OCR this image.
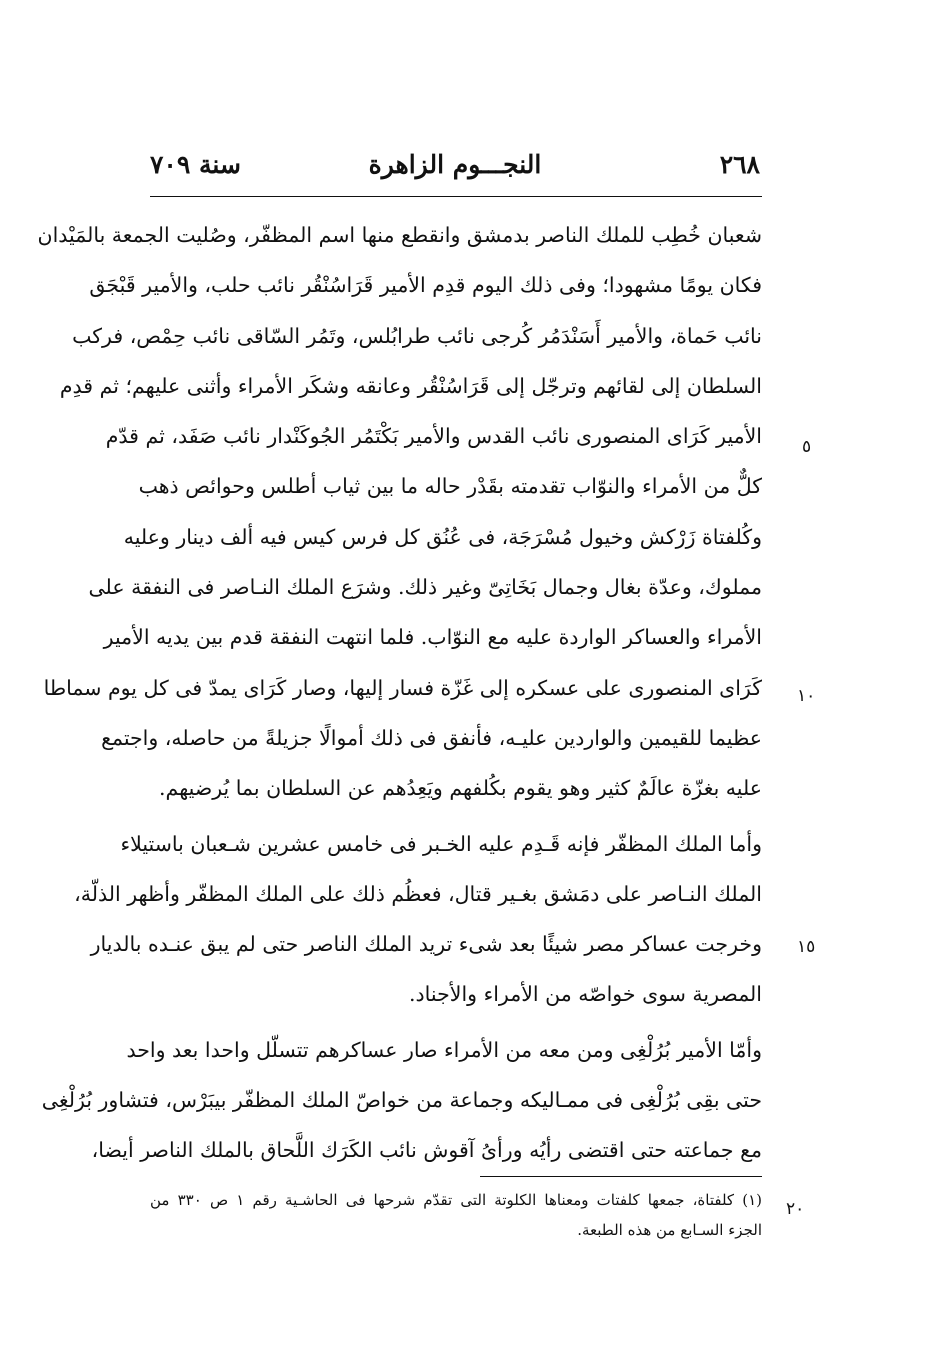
٢٦٨
النجـــوم الزاهرة
سنة ٧٠٩
شعبان خُطِب للملك الناصر بدمشق وانقطع منها اسم المظفّر، وصُليت الجمعة بالمَيْدان
فكان يومًا مشهودا؛ وفى ذلك اليوم قدِم الأمير قَرَاسُنْقُر نائب حلب، والأمير قَبْجَق
نائب حَماة، والأمير أَسَنْدَمُر كُرجى نائب طرابُلس، وتَمُر السّاقى نائب حِمْص، فركب
السلطان إلى لقائهم وترجّل إلى قَرَاسُنْقُر وعانقه وشكَر الأمراء وأثنى عليهم؛ ثم قدِم
الأمير كَرَاى المنصورى نائب القدس والأمير بَكْتَمُر الجُوكَنْدار نائب صَفَد، ثم قدّم
كلٌّ من الأمراء والنوّاب تقدمته بقَدْر حاله ما بين ثياب أطلس وحوائص ذهب
وكُلفتاة زَرْكش وخيول مُسْرَجَة، فى عُنُق كل فرس كيس فيه ألف دينار وعليه
مملوك، وعدّة بغال وجمال بَخَاتِىّ وغير ذلك. وشرَع الملك النـاصر فى النفقة على
الأمراء والعساكر الواردة عليه مع النوّاب. فلما انتهت النفقة قدم بين يديه الأمير
كَرَاى المنصورى على عسكره إلى غَزّة فسار إليها، وصار كَرَاى يمدّ فى كل يوم سماطا
عظيما للقيمين والواردين عليـه، فأنفق فى ذلك أموالًا جزيلةً من حاصله، واجتمع
عليه بغزّة عالَمٌ كثير وهو يقوم بكُلفهم ويَعِدُهم عن السلطان بما يُرضيهم.
وأما الملك المظفّر فإنه قَـدِم عليه الخـبر فى خامس عشرين شـعبان باستيلاء
الملك النـاصر على دمَشق بغـير قتال، فعظُم ذلك على الملك المظفّر وأظهر الذلّة،
وخرجت عساكر مصر شيئًا بعد شىء تريد الملك الناصر حتى لم يبق عنـده بالديار
المصرية سوى خواصّه من الأمراء والأجناد.
وأمّا الأمير بُرُلْغِى ومن معه من الأمراء صار عساكرهم تتسلّل واحدا بعد واحد
حتى بقِى بُرُلْغِى فى ممـاليكه وجماعة من خواصّ الملك المظفّر بيبَرْس، فتشاور بُرُلْغِى
مع جماعته حتى اقتضى رأيُه ورأىُ آقوش نائب الكَرَك اللَّحاق بالملك الناصر أيضا،
٥
١٠
١٥
٢٠
(١) كلفتاة، جمعها كلفتات ومعناها الكلوتة التى تقدّم شرحها فى الحاشـية رقم ١ ص ٣٣٠ من
الجزء السـابع من هذه الطبعة.
